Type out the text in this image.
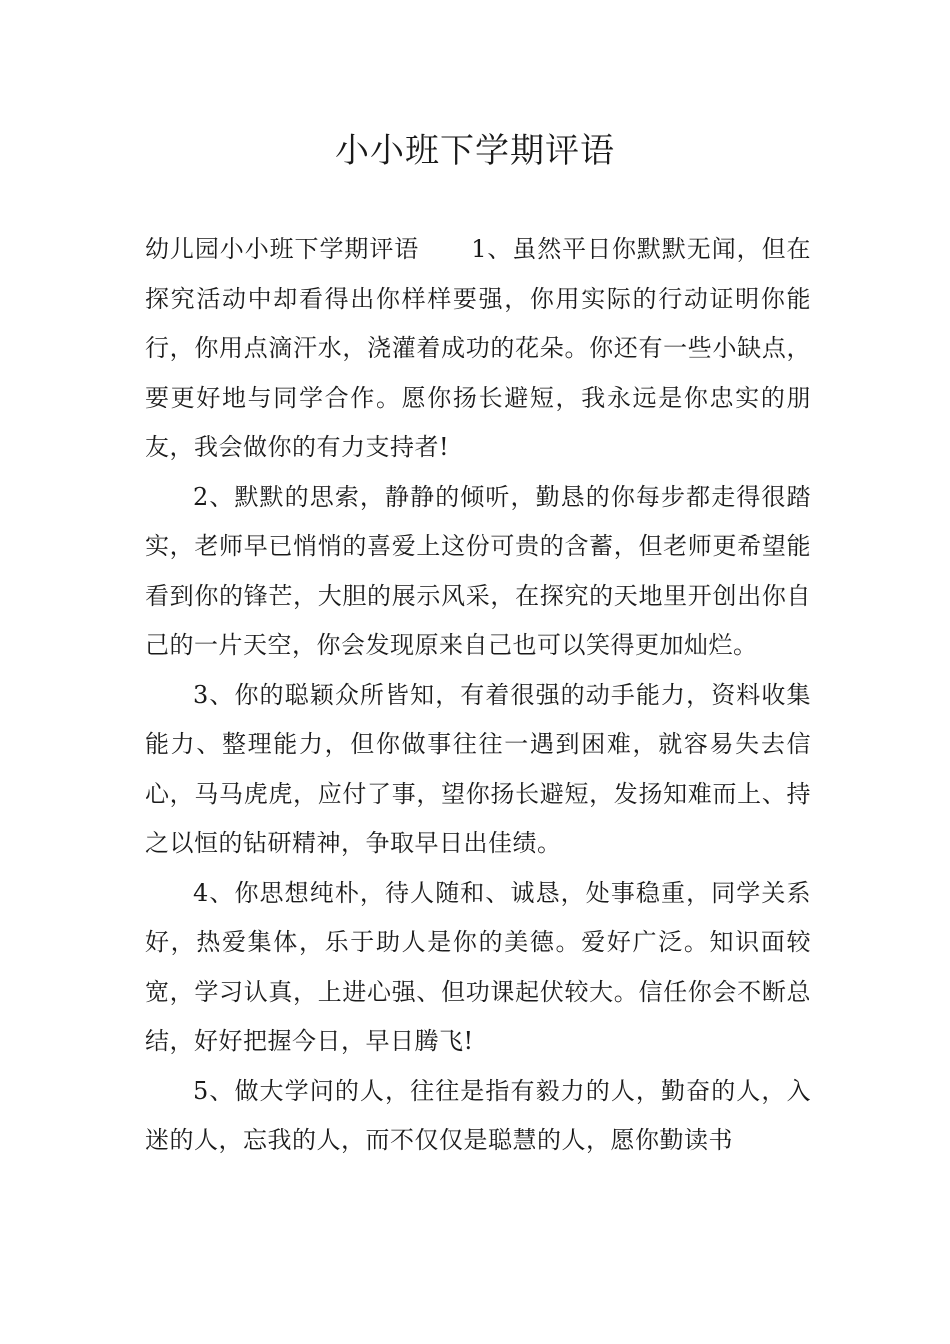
小小班下学期评语

幼儿园小小班下学期评语 1、虽然平日你默默无闻，但在探究活动中却看得出你样样要强，你用实际的行动证明你能行，你用点滴汗水，浇灌着成功的花朵。你还有一些小缺点，要更好地与同学合作。愿你扬长避短，我永远是你忠实的朋友，我会做你的有力支持者!

2、默默的思索，静静的倾听，勤恳的你每步都走得很踏实，老师早已悄悄的喜爱上这份可贵的含蓄，但老师更希望能看到你的锋芒，大胆的展示风采，在探究的天地里开创出你自己的一片天空，你会发现原来自己也可以笑得更加灿烂。

3、你的聪颖众所皆知，有着很强的动手能力，资料收集能力、整理能力，但你做事往往一遇到困难，就容易失去信心，马马虎虎，应付了事，望你扬长避短，发扬知难而上、持之以恒的钻研精神，争取早日出佳绩。

4、你思想纯朴，待人随和、诚恳，处事稳重，同学关系好，热爱集体，乐于助人是你的美德。爱好广泛。知识面较宽，学习认真，上进心强、但功课起伏较大。信任你会不断总结，好好把握今日，早日腾飞!

5、做大学问的人，往往是指有毅力的人，勤奋的人，入迷的人，忘我的人，而不仅仅是聪慧的人，愿你勤读书
